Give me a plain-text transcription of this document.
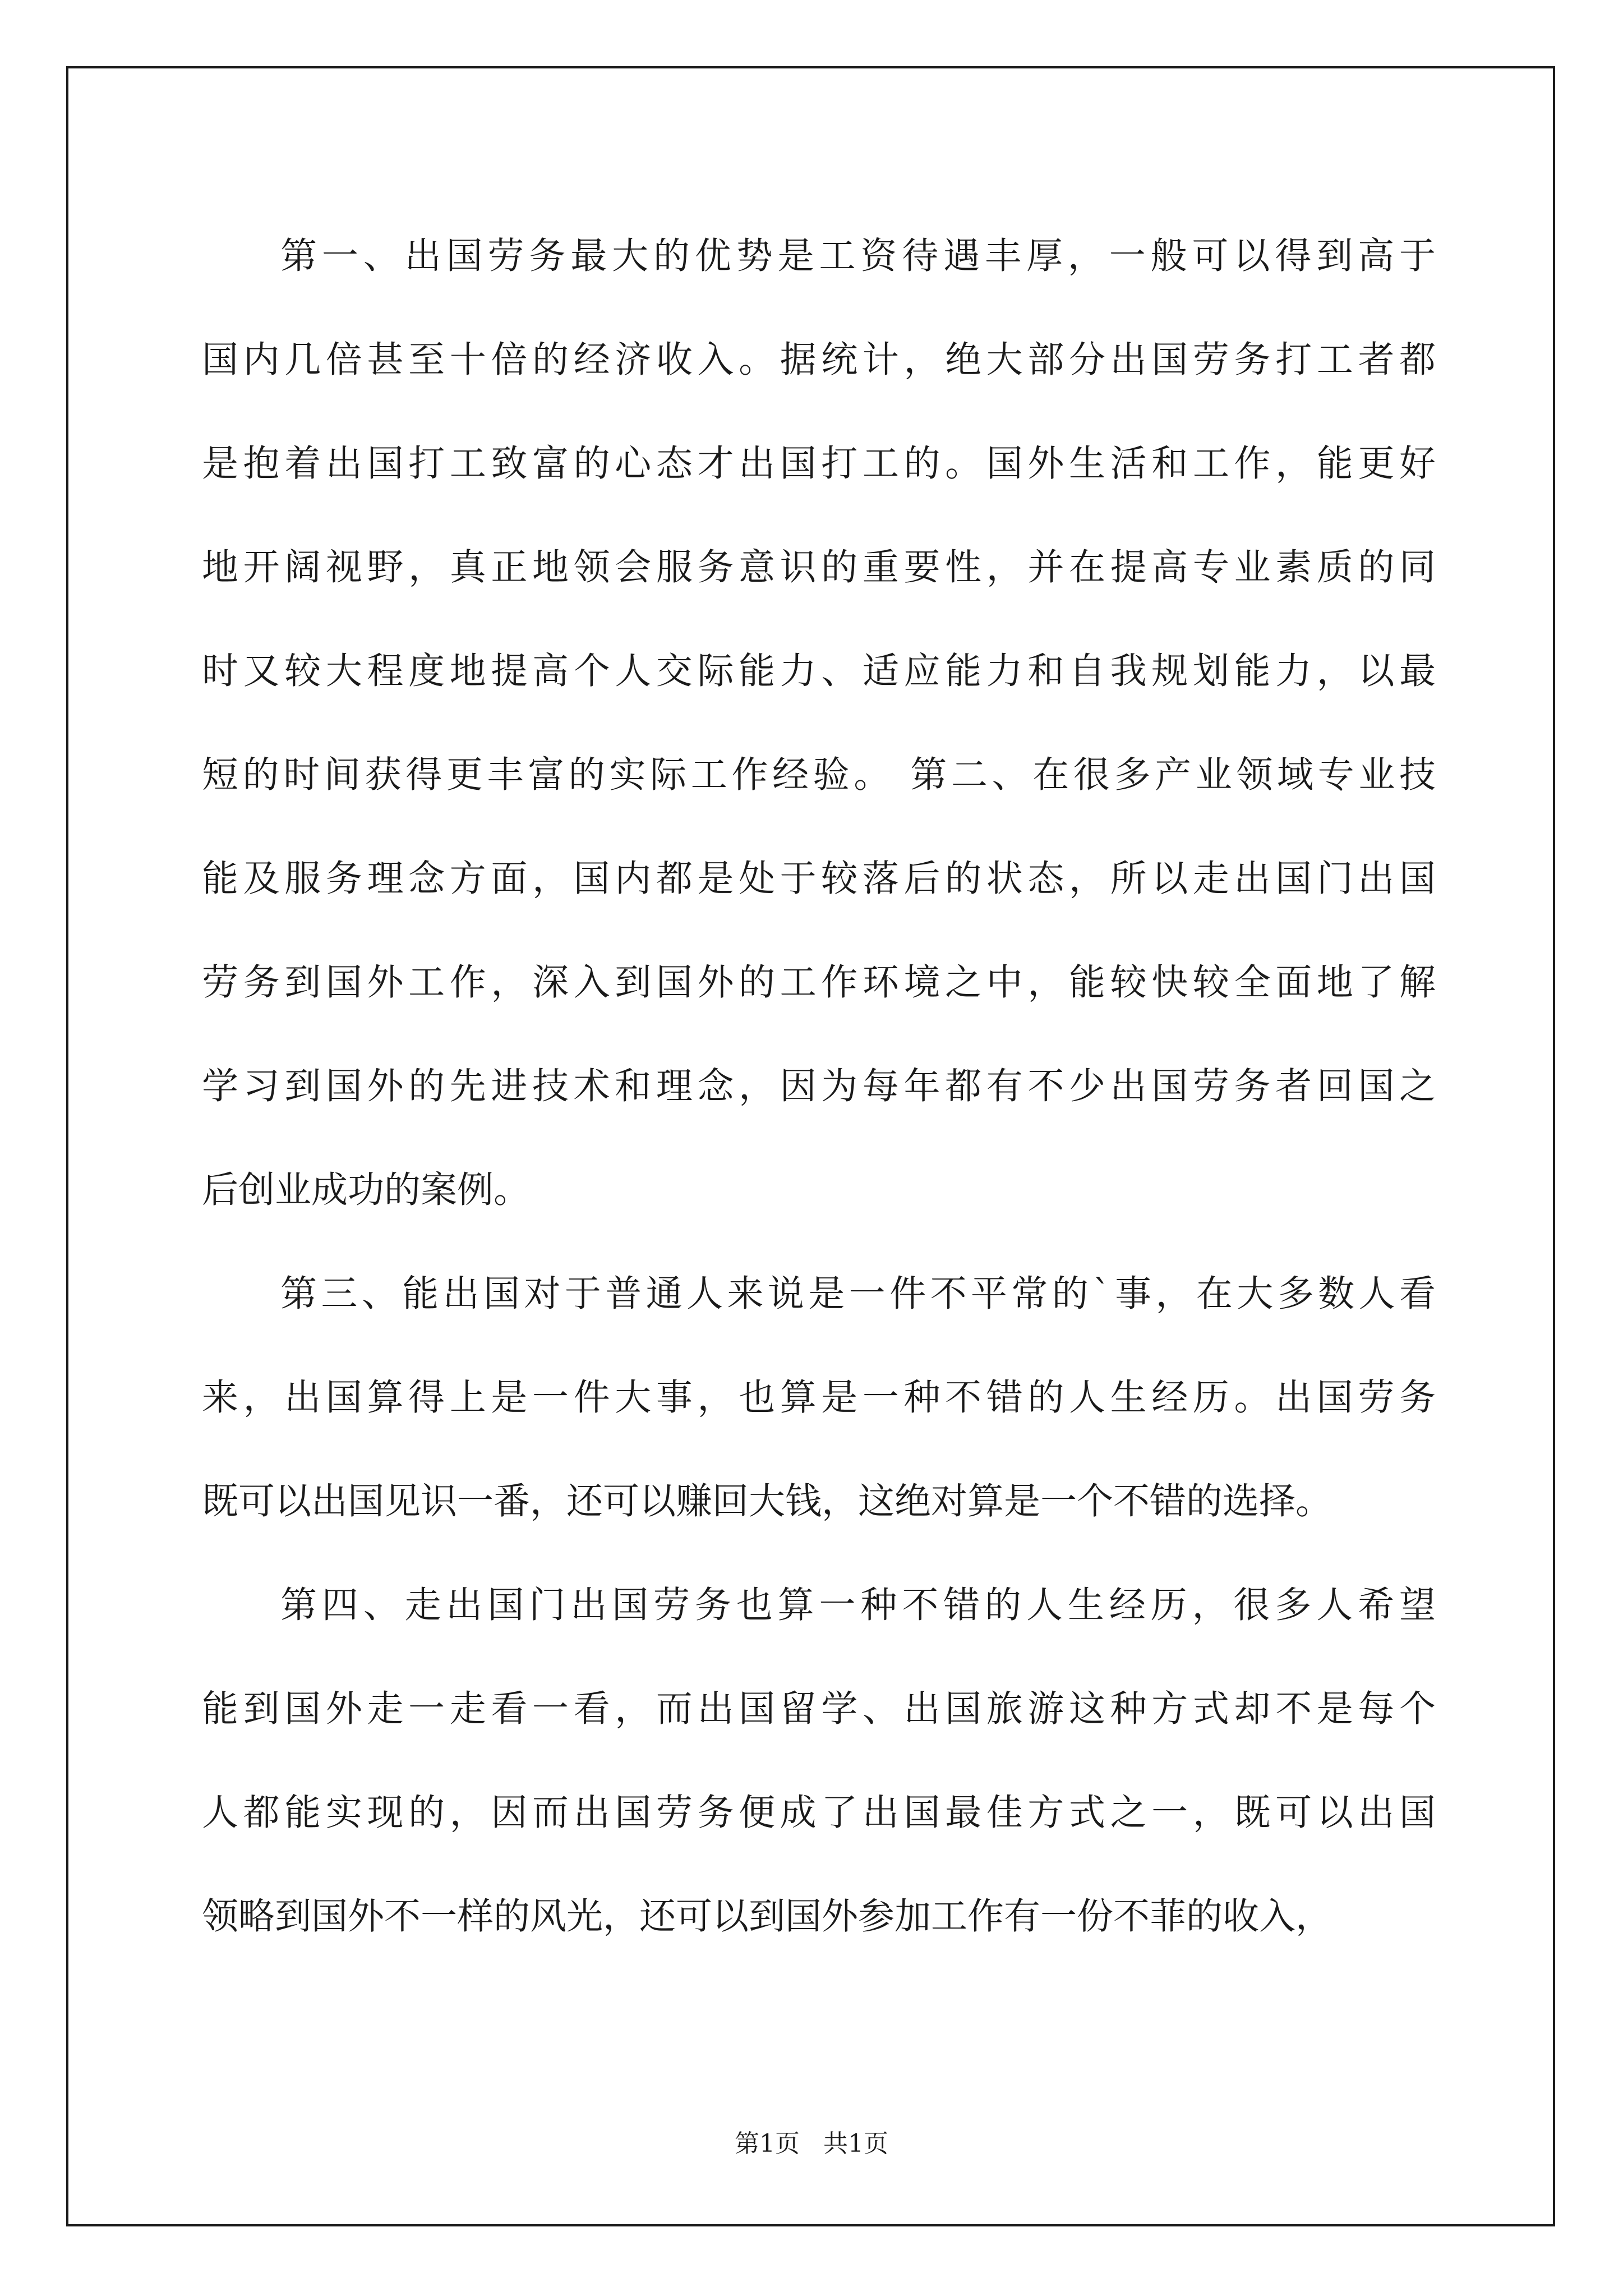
第一、出国劳务最大的优势是工资待遇丰厚，一般可以得到高于
国内几倍甚至十倍的经济收入。据统计，绝大部分出国劳务打工者都
是抱着出国打工致富的心态才出国打工的。国外生活和工作，能更好
地开阔视野，真正地领会服务意识的重要性，并在提高专业素质的同
时又较大程度地提高个人交际能力、适应能力和自我规划能力，以最
短的时间获得更丰富的实际工作经验。 第二、在很多产业领域专业技
能及服务理念方面，国内都是处于较落后的状态，所以走出国门出国
劳务到国外工作，深入到国外的工作环境之中，能较快较全面地了解
学习到国外的先进技术和理念，因为每年都有不少出国劳务者回国之
后创业成功的案例。
第三、能出国对于普通人来说是一件不平常的`事，在大多数人看
来，出国算得上是一件大事，也算是一种不错的人生经历。出国劳务
既可以出国见识一番，还可以赚回大钱，这绝对算是一个不错的选择。
第四、走出国门出国劳务也算一种不错的人生经历，很多人希望
能到国外走一走看一看，而出国留学、出国旅游这种方式却不是每个
人都能实现的，因而出国劳务便成了出国最佳方式之一，既可以出国
领略到国外不一样的风光，还可以到国外参加工作有一份不菲的收入，
第1页   共1页
